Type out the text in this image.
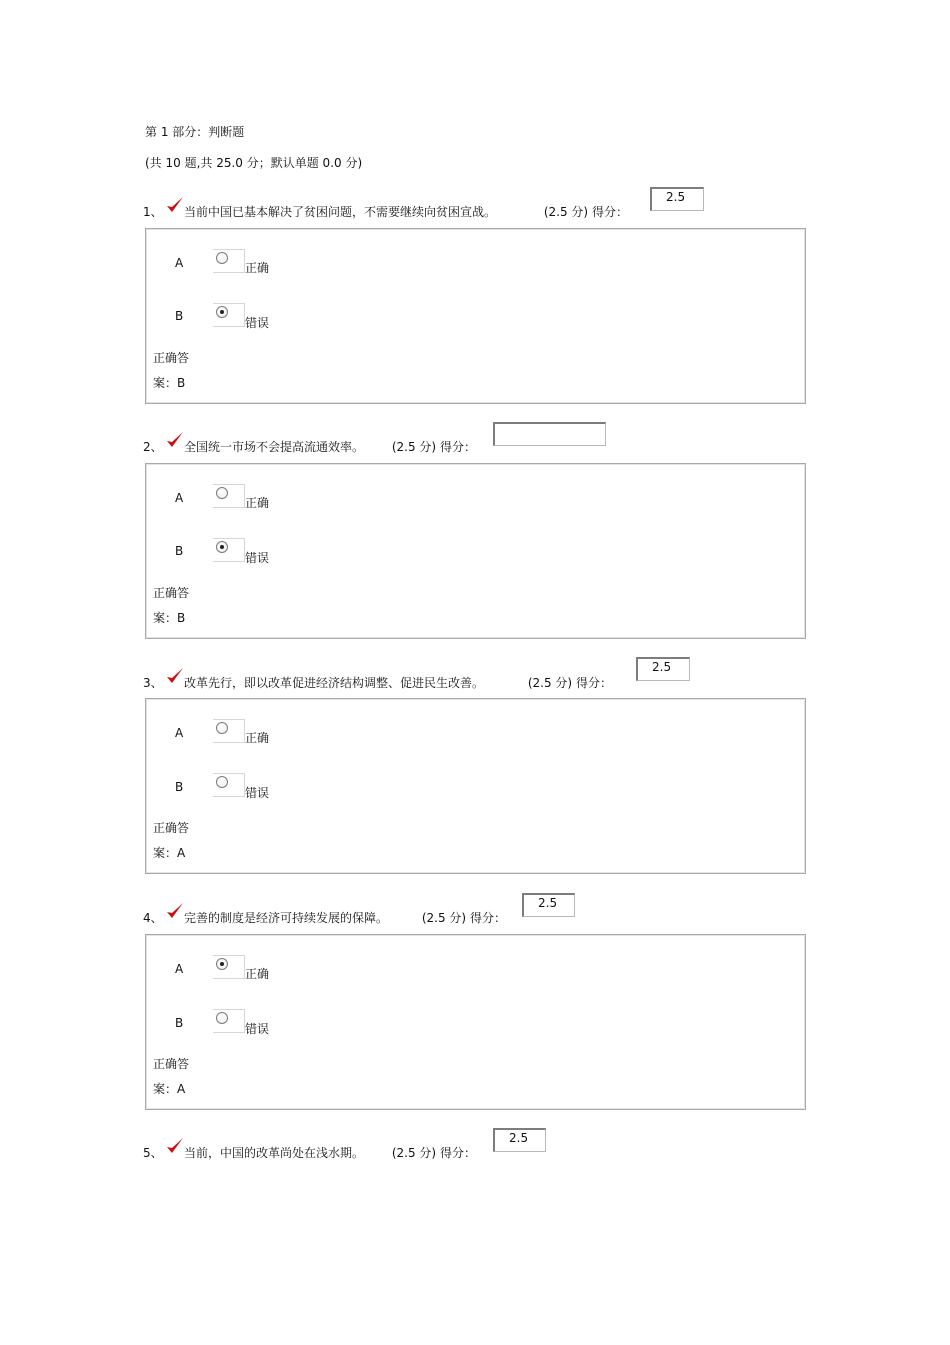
第 1 部分：判断题
(共 10 题,共 25.0 分；默认单题 0.0 分)
1、 当前中国已基本解决了贫困问题，不需要继续向贫困宣战。	(2.5 分) 得分：
2.5
A	正确
B	错误
正确答
案：B
2、 全国统一市场不会提高流通效率。 (2.5 分) 得分：
A	正确
B	错误
正确答
案：B
3、 改革先行，即以改革促进经济结构调整、促进民生改善。	(2.5 分) 得分：
2.5
A	正确
B	错误
正确答
案：A
4、 完善的制度是经济可持续发展的保障。	(2.5 分) 得分：
2.5
A	正确
B	错误
正确答
案：A
5、 当前，中国的改革尚处在浅水期。 (2.5 分) 得分：
2.5
